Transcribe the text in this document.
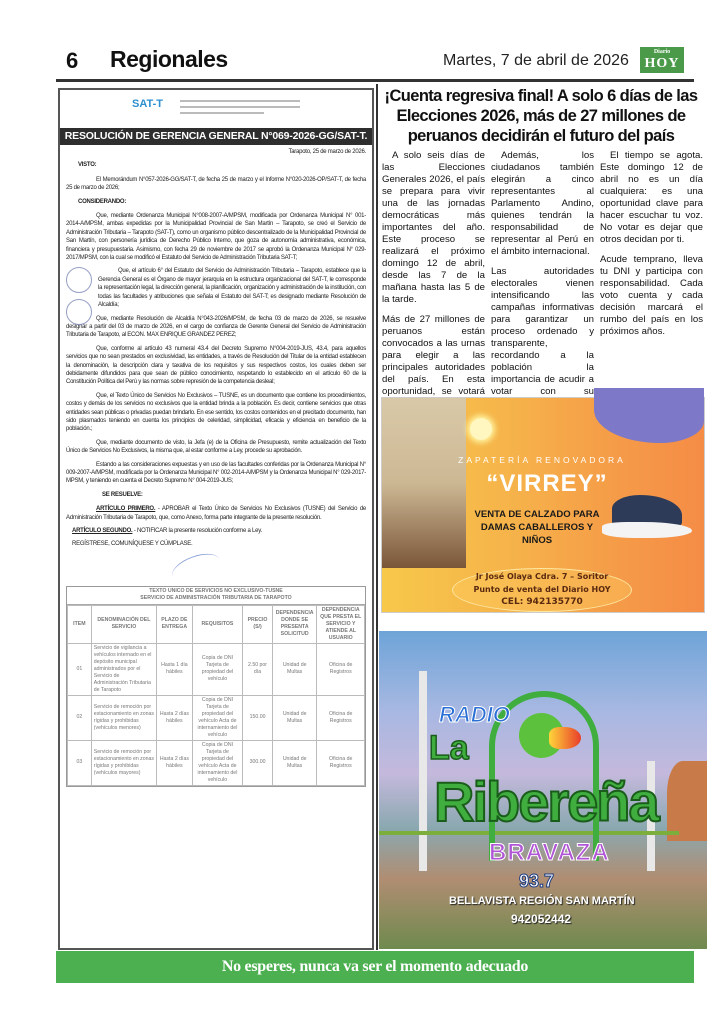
6 Regionales	Martes, 7 de abril de 2026	Diario
HOY
SAT-T
RESOLUCIÓN DE GERENCIA GENERAL N°069-2026-GG/SAT-T.

Tarapoto, 25 de marzo de 2026.

VISTO:

El Memorándum N°057-2026-GG/SAT-T, de fecha 25 de marzo y el Informe N°020-2026-OP/SAT-T, de fecha 25 de marzo de 2026;

CONSIDERANDO:

Que, mediante Ordenanza Municipal N°008-2007-A/MPSM, modificada por Ordenanza Municipal N° 001-2014-A/MPSM, ambas expedidas por la Municipalidad Provincial de San Martín – Tarapoto, se creó el Servicio de Administración Tributaria – Tarapoto (SAT-T), como un organismo público descentralizado de la Municipalidad Provincial de San Martín, con personería jurídica de Derecho Público Interno, que goza de autonomía administrativa, económica, financiera y presupuestaria. Asimismo, con fecha 29 de noviembre de 2017 se aprobó la Ordenanza Municipal N° 029-2017/MPSM, con la cual se modificó el Estatuto del Servicio de Administración Tributaria SAT-T;

Que, el artículo 6° del Estatuto del Servicio de Administración Tributaria – Tarapoto, establece que la Gerencia General es el Órgano de mayor jerarquía en la estructura organizacional del SAT-T, le corresponde la representación legal, la dirección general, la planificación, organización y administración de la institución, con todas las facultades y atribuciones que señala el Estatuto del SAT-T; es designado mediante Resolución de Alcaldía;

Que, mediante Resolución de Alcaldía N°043-2026/MPSM, de fecha 03 de marzo de 2026, se resuelve designar a partir del 03 de marzo de 2026, en el cargo de confianza de Gerente General del Servicio de Administración Tributaria de Tarapoto, al ECON. MAX ENRIQUE GRANDEZ PEREZ;

Que, conforme al artículo 43 numeral 43.4 del Decreto Supremo N°004-2019-JUS, 43.4, para aquellos servicios que no sean prestados en exclusividad, las entidades, a través de Resolución del Titular de la entidad establecen la denominación, la descripción clara y taxativa de los requisitos y sus respectivos costos, los cuales deben ser debidamente difundidos para que sean de público conocimiento, respetando lo establecido en el artículo 60 de la Constitución Política del Perú y las normas sobre represión de la competencia desleal;

Que, el Texto Único de Servicios No Exclusivos – TUSNE, es un documento que contiene los procedimientos, costos y demás de los servicios no exclusivos que la entidad brinda a la población. Es decir, contiene servicios que otras entidades sean públicas o privadas puedan brindarlo. En ese sentido, los costos contenidos en el precitado documento, han sido plasmados teniendo en cuenta los principios de celeridad, simplicidad, eficacia y eficiencia en beneficio de la población.;

Que, mediante documento de visto, la Jefa (e) de la Oficina de Presupuesto, remite actualización del Texto Único de Servicios No Exclusivos, la misma que, al estar conforme a Ley, procede su aprobación.

Estando a las consideraciones expuestas y en uso de las facultades conferidas por la Ordenanza Municipal N° 009-2007-A/MPSM, modificada por la Ordenanza Municipal N° 002-2014-A/MPSM y la Ordenanza Municipal N° 029-2017-MPSM, y teniendo en cuenta el Decreto Supremo N° 004-2019-JUS;

SE RESUELVE:

ARTÍCULO PRIMERO. - APROBAR el Texto Único de Servicios No Exclusivos (TUSNE) del Servicio de Administración Tributaria de Tarapoto, que, como Anexo, forma parte integrante de la presente resolución.

ARTÍCULO SEGUNDO. - NOTIFICAR la presente resolución conforme a Ley.

REGÍSTRESE, COMUNÍQUESE Y CÚMPLASE.

TEXTO UNICO DE SERVICIOS NO EXCLUSIVO-TUSNE
SERVICIO DE ADMINISTRACIÓN TRIBUTARIA DE TARAPOTO
ITEM	DENOMINACIÓN DEL SERVICIO	PLAZO DE ENTREGA	REQUISITOS	PRECIO (S/)	DEPENDENCIA DONDE SE PRESENTA SOLICITUD	DEPENDENCIA QUE PRESTA EL SERVICIO Y ATIENDE AL USUARIO
01	Servicio de vigilancia a vehículos internado en el depósito municipal administrados por el Servicio de Administración Tributaria de Tarapoto	Hasta 1 día hábiles	Copia de DNI Tarjeta de propiedad del vehículo	2.50 por día	Unidad de Multas	Oficina de Registros
02	Servicio de remoción por estacionamiento en zonas rígidas y prohibidas (vehículos menores)	Hasta 2 días hábiles	Copia de DNI Tarjeta de propiedad del vehículo Acta de internamiento del vehículo	150.00	Unidad de Multas	Oficina de Registros
03	Servicio de remoción por estacionamiento en zonas rígidas y prohibidas (vehículos mayores)	Hasta 2 días hábiles	Copia de DNI Tarjeta de propiedad del vehículo Acta de internamiento del vehículo	300.00	Unidad de Multas	Oficina de Registros
¡Cuenta regresiva final! A solo 6 días de las Elecciones 2026, más de 27 millones de peruanos decidirán el futuro del país

A solo seis días de las Elecciones Generales 2026, el país se prepara para vivir una de las jornadas democráticas más importantes del año. Este proceso se realizará el próximo domingo 12 de abril, desde las 7 de la mañana hasta las 5 de la tarde.

Más de 27 millones de peruanos están convocados a las urnas para elegir a las principales autoridades del país. En esta oportunidad, se votará

Además, los ciudadanos también elegirán a cinco representantes al Parlamento Andino, quienes tendrán la responsabilidad de representar al Perú en el ámbito internacional.

Las autoridades electorales vienen intensificando las campañas informativas para garantizar un proceso ordenado y transparente, recordando a la población la importancia de acudir a votar con su

El tiempo se agota. Este domingo 12 de abril no es un día cualquiera: es una oportunidad clave para hacer escuchar tu voz. No votar es dejar que otros decidan por ti.

Acude temprano, lleva tu DNI y participa con responsabilidad. Cada voto cuenta y cada decisión marcará el rumbo del país en los próximos años.

ZAPATERÍA RENOVADORA
“VIRREY”
VENTA DE CALZADO PARA DAMAS CABALLEROS Y NIÑOS
Jr José Olaya Cdra. 7 – Soritor
Punto de venta del Diario HOY
CEL: 942135770
RADIO
La
Ribereña
BRAVAZA
93.7
BELLAVISTA REGIÓN SAN MARTÍN
942052442
No esperes, nunca va ser el momento adecuado
